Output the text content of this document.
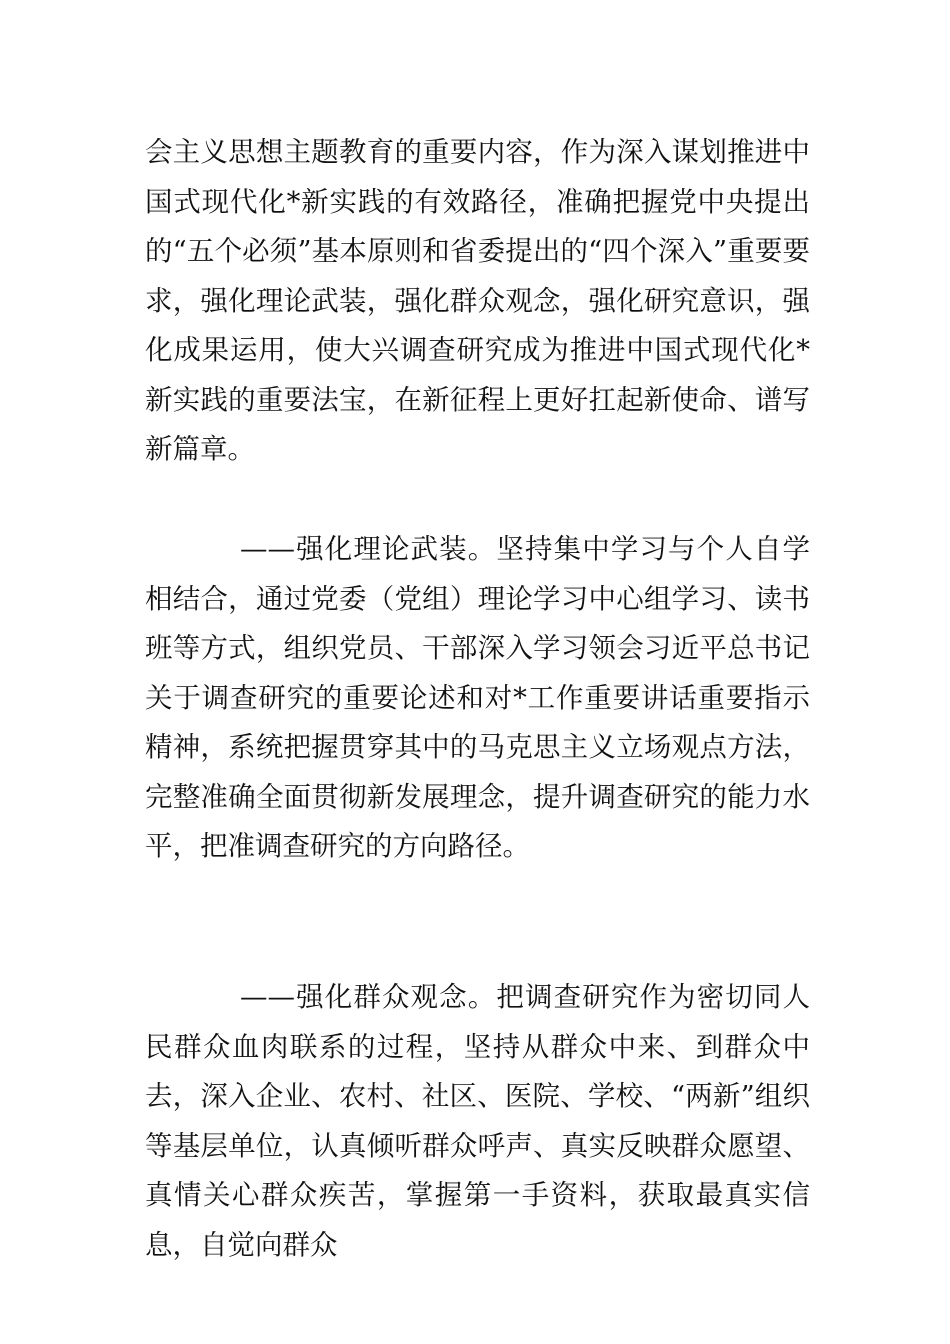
会主义思想主题教育的重要内容，作为深入谋划推进中国式现代化*新实践的有效路径，准确把握党中央提出的“五个必须”基本原则和省委提出的“四个深入”重要要求，强化理论武装，强化群众观念，强化研究意识，强化成果运用，使大兴调查研究成为推进中国式现代化*新实践的重要法宝，在新征程上更好扛起新使命、谱写新篇章。

——强化理论武装。坚持集中学习与个人自学相结合，通过党委（党组）理论学习中心组学习、读书班等方式，组织党员、干部深入学习领会习近平总书记关于调查研究的重要论述和对*工作重要讲话重要指示精神，系统把握贯穿其中的马克思主义立场观点方法，完整准确全面贯彻新发展理念，提升调查研究的能力水平，把准调查研究的方向路径。

——强化群众观念。把调查研究作为密切同人民群众血肉联系的过程，坚持从群众中来、到群众中去，深入企业、农村、社区、医院、学校、“两新”组织等基层单位，认真倾听群众呼声、真实反映群众愿望、真情关心群众疾苦，掌握第一手资料，获取最真实信息，自觉向群众
